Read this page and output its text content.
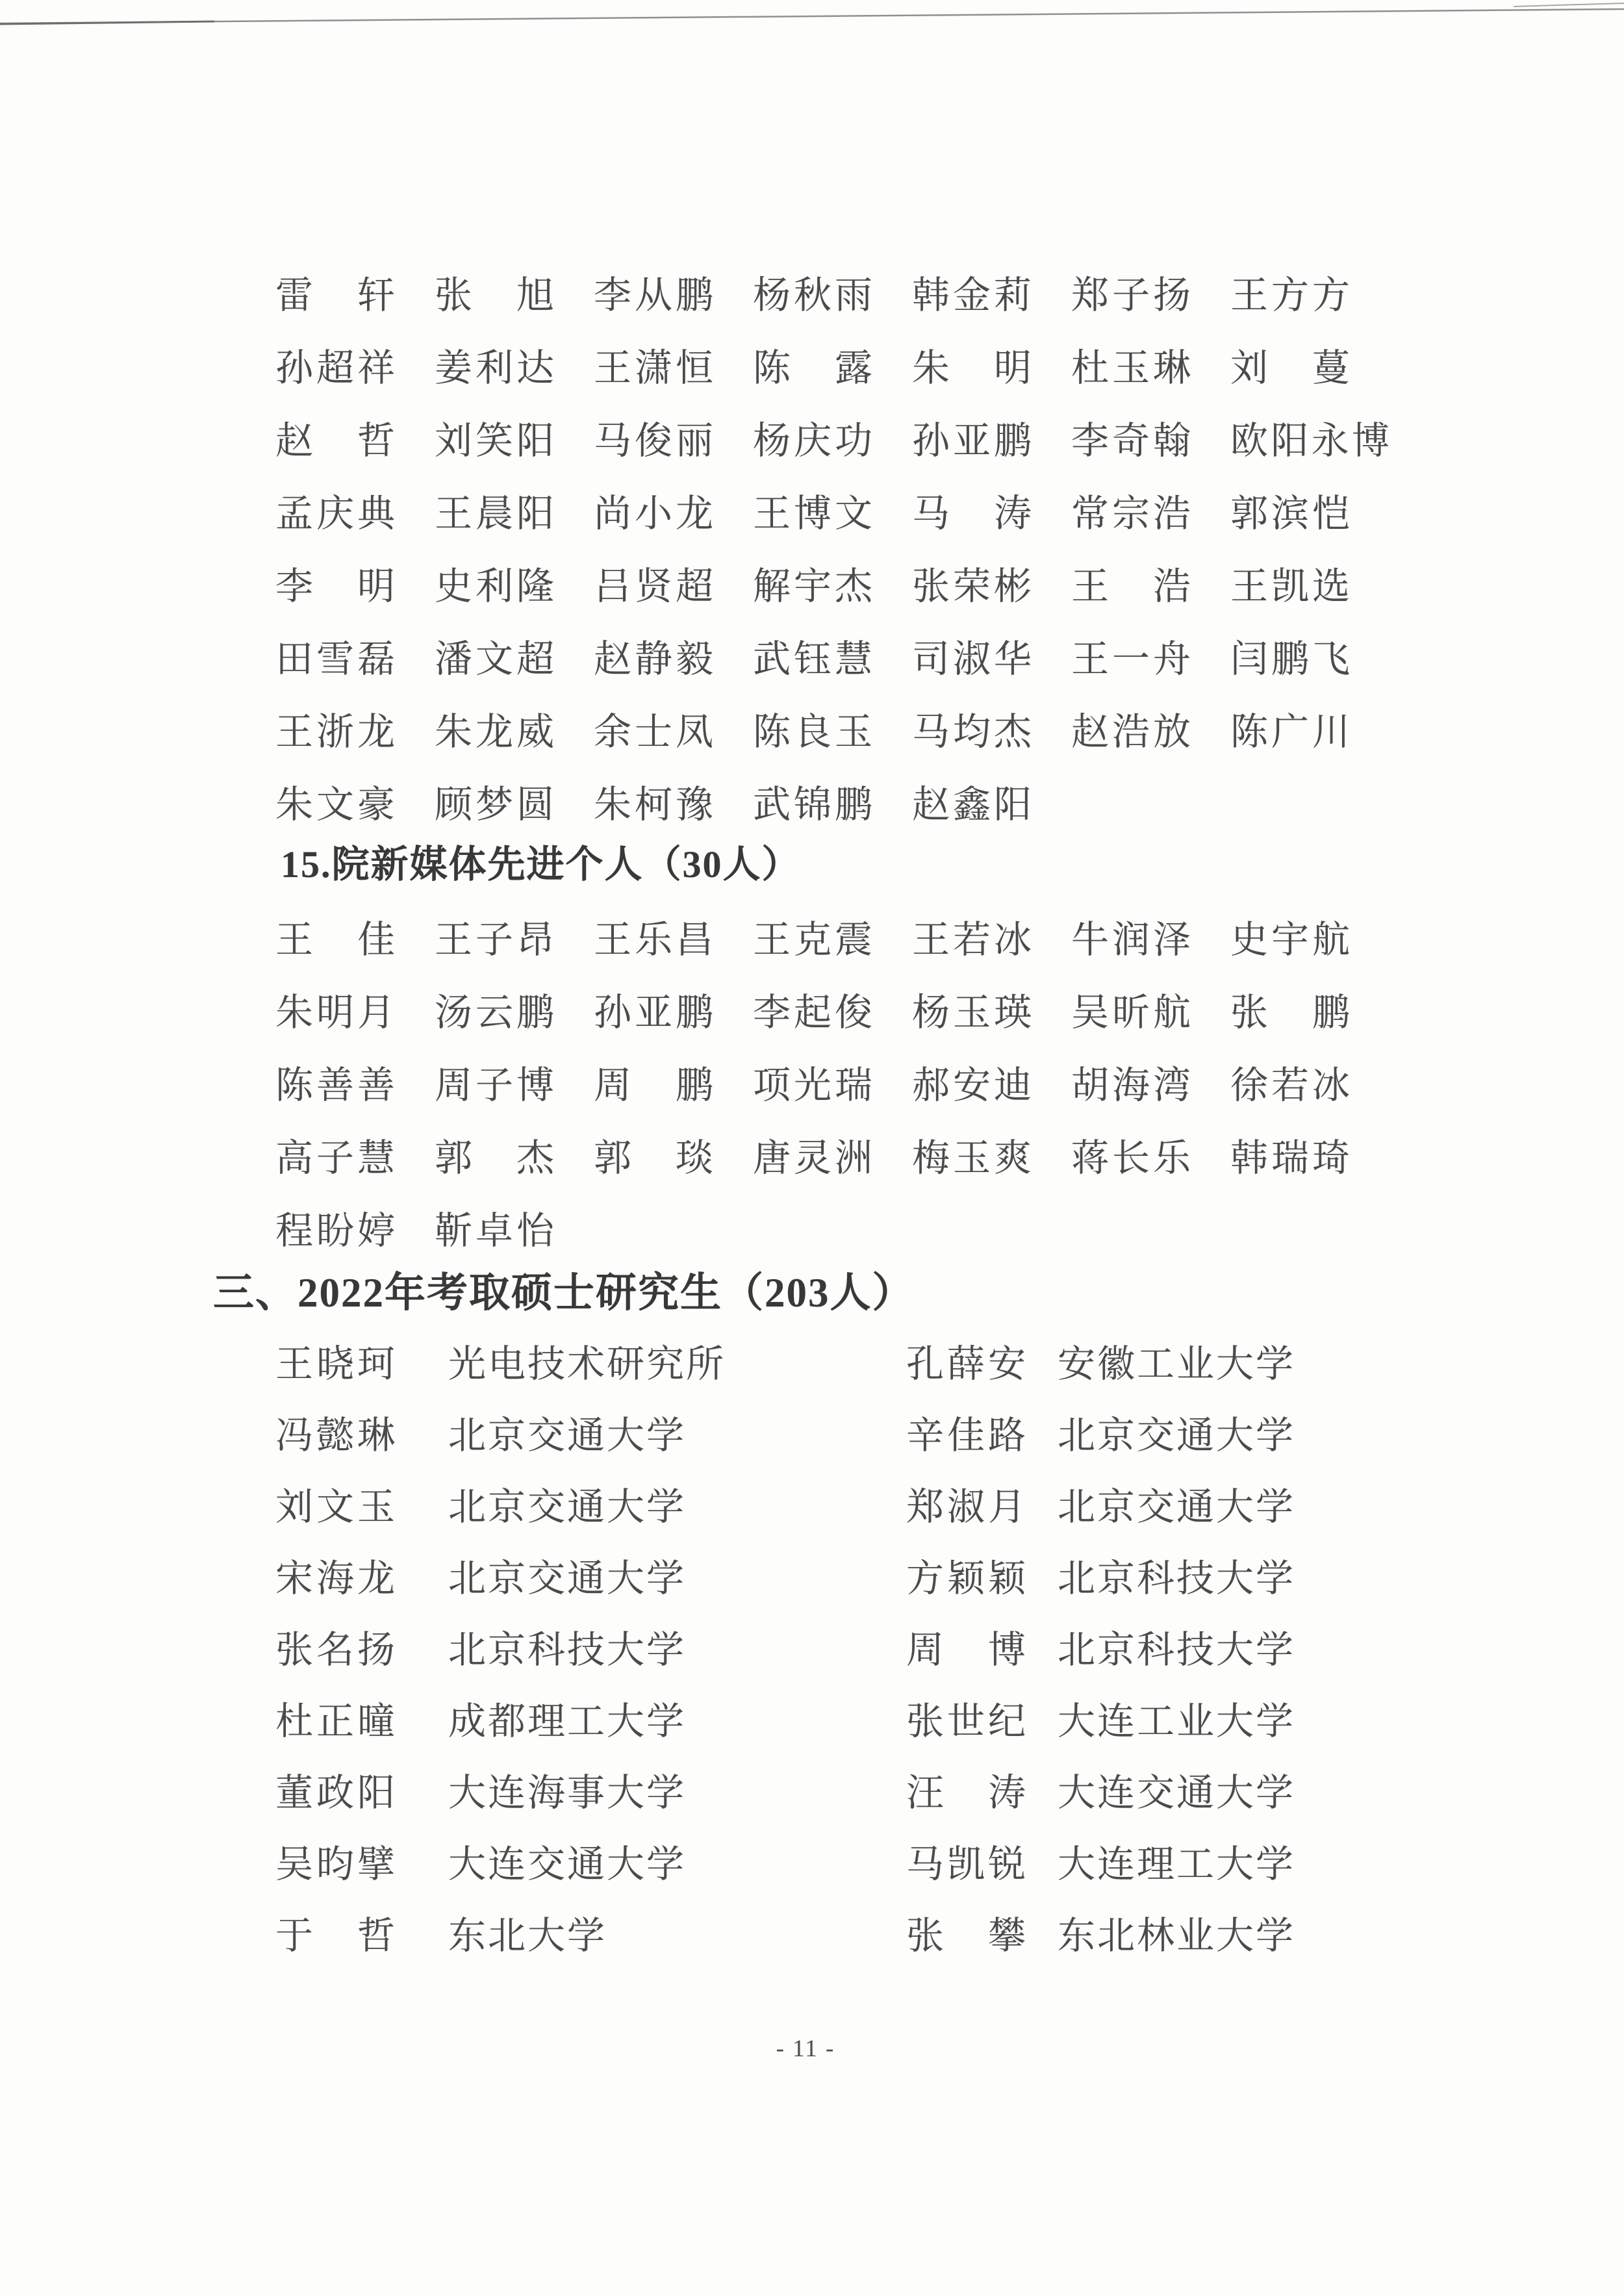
雷轩 张旭 李从鹏 杨秋雨 韩金莉 郑子扬 王方方
孙超祥 姜利达 王潇恒 陈露 朱明 杜玉琳 刘蔓
赵哲 刘笑阳 马俊丽 杨庆功 孙亚鹏 李奇翰 欧阳永博
孟庆典 王晨阳 尚小龙 王博文 马涛 常宗浩 郭滨恺
李明 史利隆 吕贤超 解宇杰 张荣彬 王浩 王凯选
田雪磊 潘文超 赵静毅 武钰慧 司淑华 王一舟 闫鹏飞
王浙龙 朱龙威 余士凤 陈良玉 马均杰 赵浩放 陈广川
朱文豪 顾梦圆 朱柯豫 武锦鹏 赵鑫阳
15.院新媒体先进个人（30人）
王佳 王子昂 王乐昌 王克震 王若冰 牛润泽 史宇航
朱明月 汤云鹏 孙亚鹏 李起俊 杨玉瑛 吴昕航 张鹏
陈善善 周子博 周鹏 项光瑞 郝安迪 胡海湾 徐若冰
高子慧 郭杰 郭琰 唐灵洲 梅玉爽 蒋长乐 韩瑞琦
程盼婷 靳卓怡
三、2022年考取硕士研究生（203人）
王晓珂 光电技术研究所	孔薛安 安徽工业大学
冯懿琳 北京交通大学	辛佳路 北京交通大学
刘文玉 北京交通大学	郑淑月 北京交通大学
宋海龙 北京交通大学	方颖颖 北京科技大学
张名扬 北京科技大学	周博 北京科技大学
杜正曈 成都理工大学	张世纪 大连工业大学
董政阳 大连海事大学	汪涛 大连交通大学
吴昀擘 大连交通大学	马凯锐 大连理工大学
于哲 东北大学	张攀 东北林业大学
- 11 -
